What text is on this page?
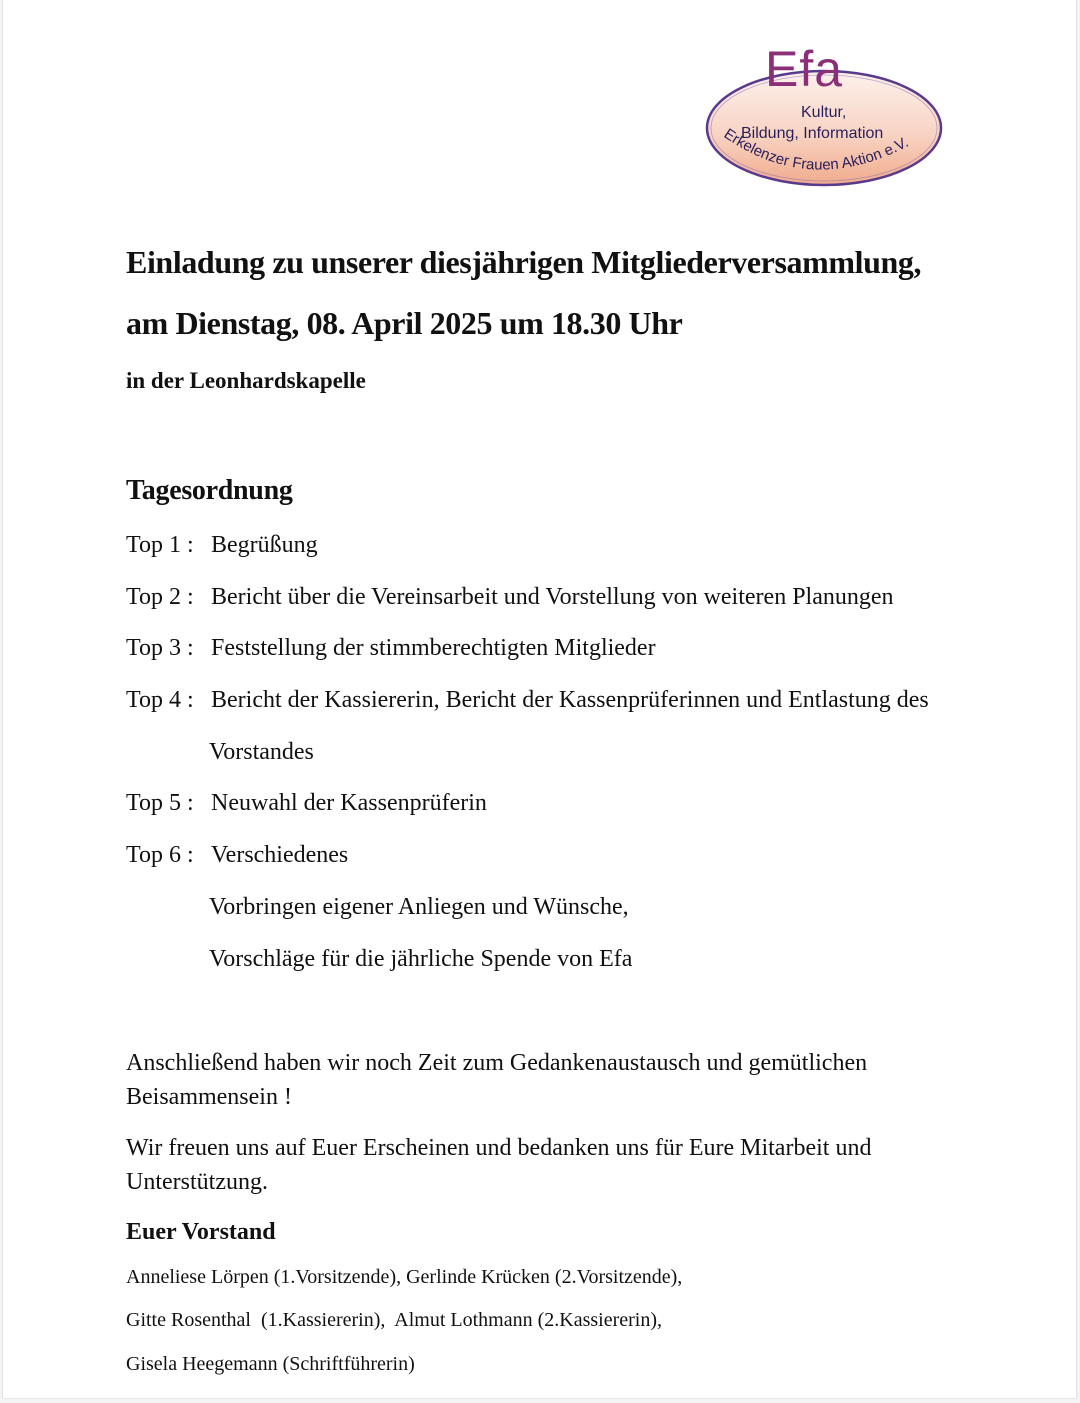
Efa
Kultur,
Bildung, Information
Erkelenzer Frauen Aktion e.V.
Einladung zu unserer diesjährigen Mitgliederversammlung,
am Dienstag, 08. April 2025 um 18.30 Uhr
in der Leonhardskapelle
Tagesordnung
Top 1 : Begrüßung
Top 2 : Bericht über die Vereinsarbeit und Vorstellung von weiteren Planungen
Top 3 : Feststellung der stimmberechtigten Mitglieder
Top 4 : Bericht der Kassiererin, Bericht der Kassenprüferinnen und Entlastung des
Vorstandes
Top 5 : Neuwahl der Kassenprüferin
Top 6 : Verschiedenes
Vorbringen eigener Anliegen und Wünsche,
Vorschläge für die jährliche Spende von Efa
Anschließend haben wir noch Zeit zum Gedankenaustausch und gemütlichen Beisammensein !
Wir freuen uns auf Euer Erscheinen und bedanken uns für Eure Mitarbeit und Unterstützung.
Euer Vorstand
Anneliese Lörpen (1.Vorsitzende), Gerlinde Krücken (2.Vorsitzende),
Gitte Rosenthal  (1.Kassiererin),  Almut Lothmann (2.Kassiererin),
Gisela Heegemann (Schriftführerin)
